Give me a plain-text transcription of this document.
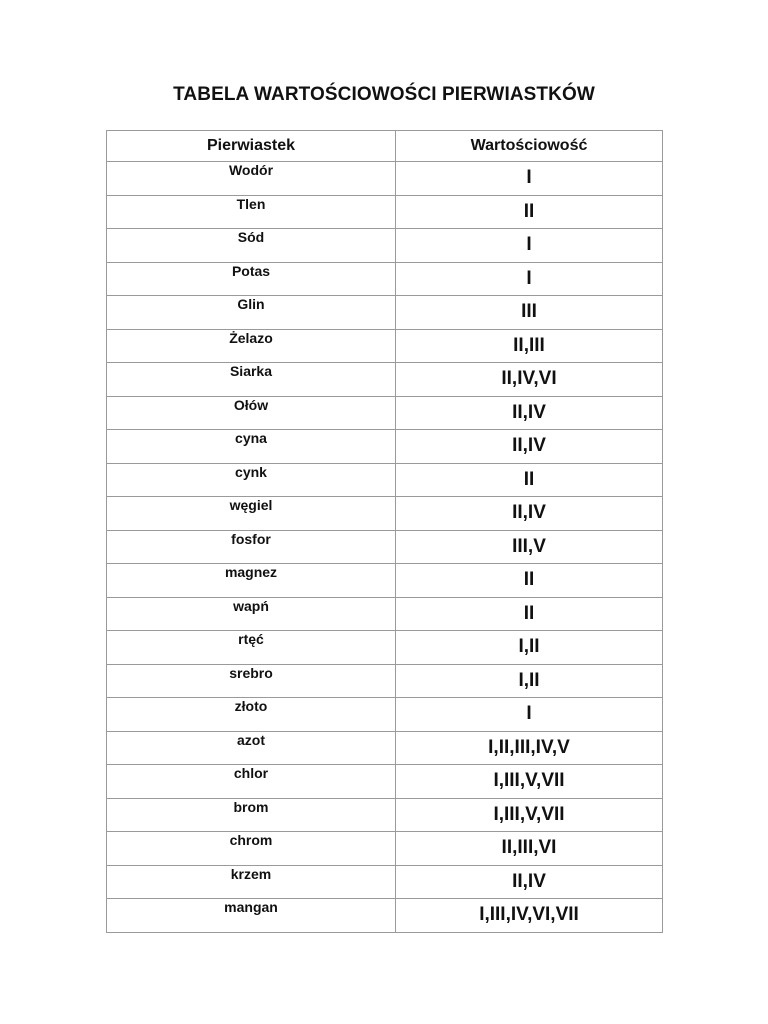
TABELA WARTOŚCIOWOŚCI PIERWIASTKÓW
Pierwiastek	Wartościowość
Wodór	I
Tlen	II
Sód	I
Potas	I
Glin	III
Żelazo	II,III
Siarka	II,IV,VI
Ołów	II,IV
cyna	II,IV
cynk	II
węgiel	II,IV
fosfor	III,V
magnez	II
wapń	II
rtęć	I,II
srebro	I,II
złoto	I
azot	I,II,III,IV,V
chlor	I,III,V,VII
brom	I,III,V,VII
chrom	II,III,VI
krzem	II,IV
mangan	I,III,IV,VI,VII
